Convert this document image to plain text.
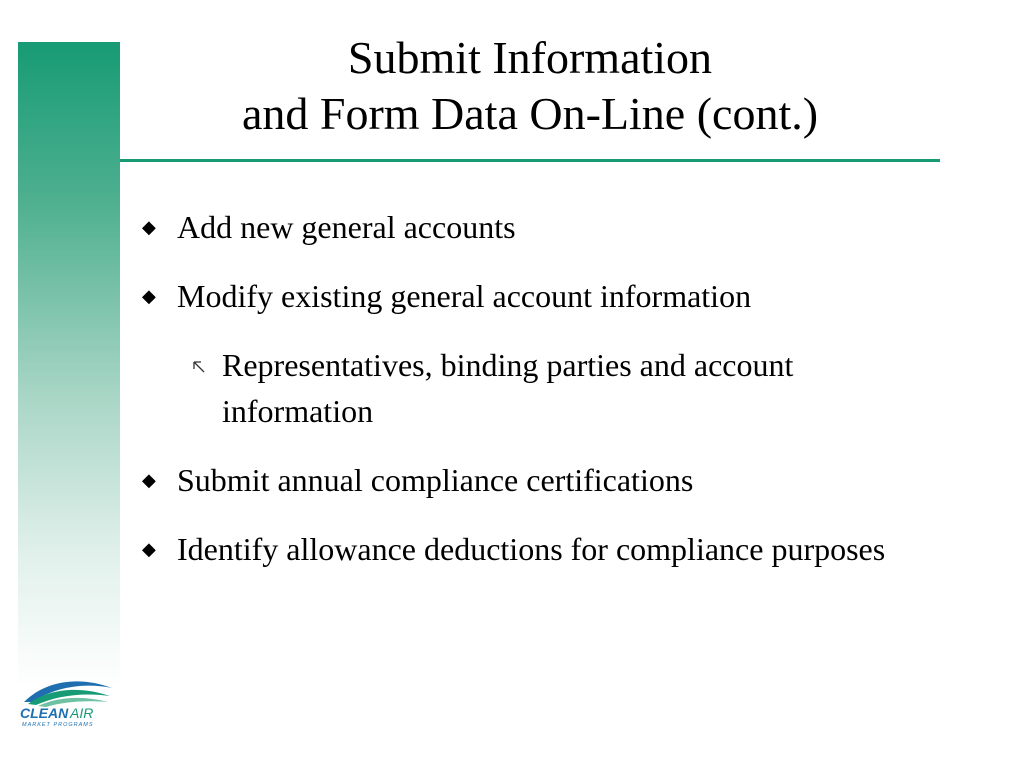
Submit Information
and Form Data On-Line (cont.)
◆ Add new general accounts
◆ Modify existing general account information
Representatives, binding parties and account information
◆ Submit annual compliance certifications
◆ Identify allowance deductions for compliance purposes
CLEAN AIR
MARKET PROGRAMS
